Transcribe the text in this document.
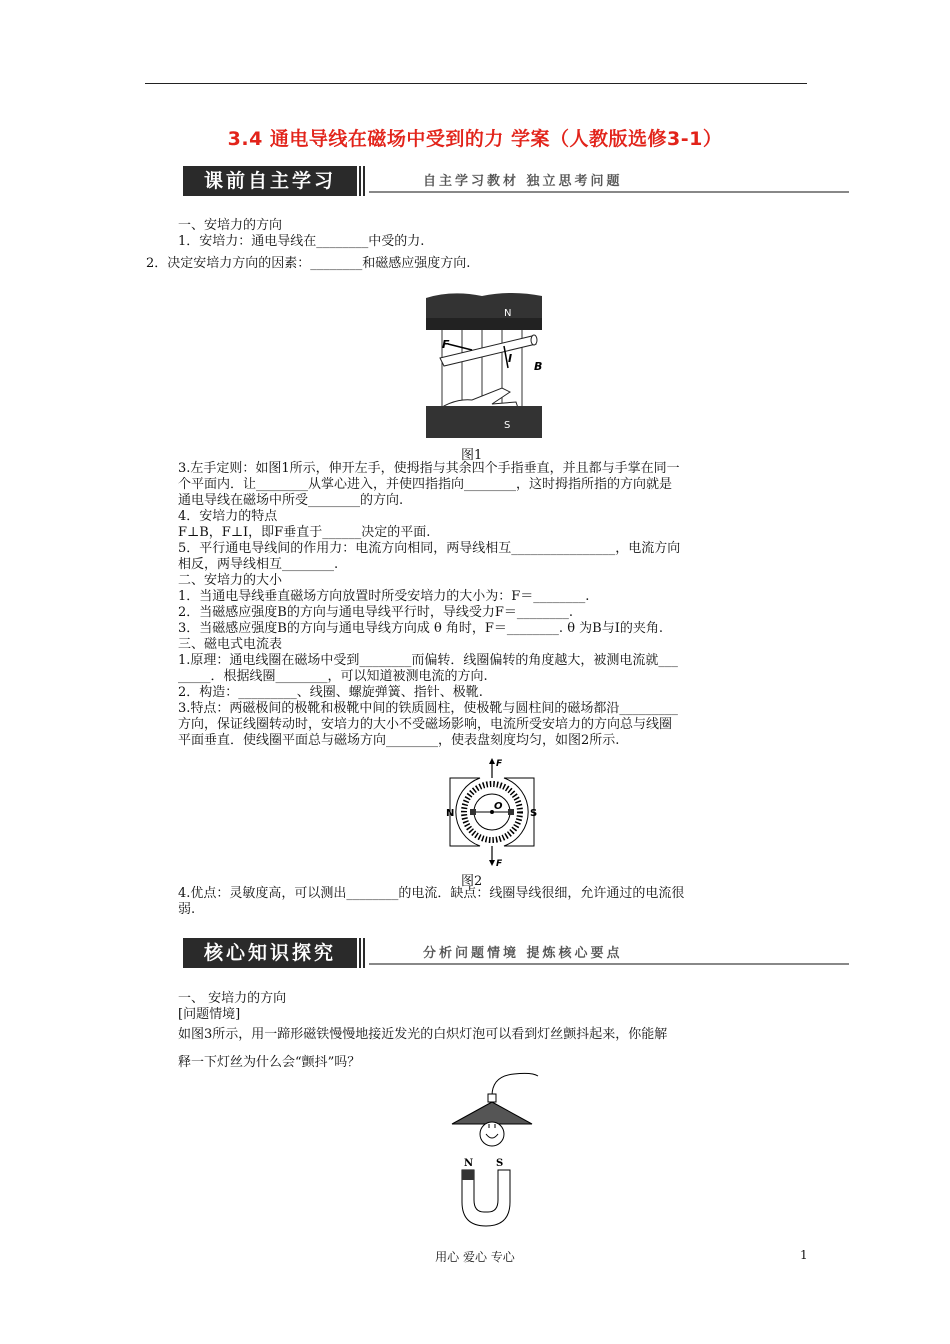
3.4 通电导线在磁场中受到的力 学案（人教版选修3-1）
课前自主学习	自主学习教材 独立思考问题
一、安培力的方向
1．安培力：通电导线在________中受的力.
2．决定安培力方向的因素：________和磁感应强度方向.
N
F
I
B
S
图1
3.左手定则：如图1所示，伸开左手，使拇指与其余四个手指垂直，并且都与手掌在同一
个平面内．让________从掌心进入，并使四指指向________，这时拇指所指的方向就是
通电导线在磁场中所受________的方向.
4．安培力的特点
F⊥B，F⊥I，即F垂直于______决定的平面.
5．平行通电导线间的作用力：电流方向相同，两导线相互________________，电流方向
相反，两导线相互________.
二、安培力的大小
1．当通电导线垂直磁场方向放置时所受安培力的大小为：F＝________.
2．当磁感应强度B的方向与通电导线平行时，导线受力F＝________.
3．当磁感应强度B的方向与通电导线方向成 θ 角时，F＝________. θ 为B与I的夹角.
三、磁电式电流表
1.原理：通电线圈在磁场中受到________而偏转．线圈偏转的角度越大，被测电流就___
_____．根据线圈________，可以知道被测电流的方向.
2．构造：_________、线圈、螺旋弹簧、指针、极靴.
3.特点：两磁极间的极靴和极靴中间的铁质圆柱，使极靴与圆柱间的磁场都沿_________
方向，保证线圈转动时，安培力的大小不受磁场影响，电流所受安培力的方向总与线圈
平面垂直．使线圈平面总与磁场方向________，使表盘刻度均匀，如图2所示.
F
O
N	S
F
图2
4.优点：灵敏度高，可以测出________的电流．缺点：线圈导线很细，允许通过的电流很
弱.
核心知识探究	分析问题情境 提炼核心要点
一、 安培力的方向
[问题情境]
如图3所示，用一蹄形磁铁慢慢地接近发光的白炽灯泡可以看到灯丝颤抖起来，你能解
释一下灯丝为什么会“颤抖”吗？
N S
用心 爱心 专心	1
